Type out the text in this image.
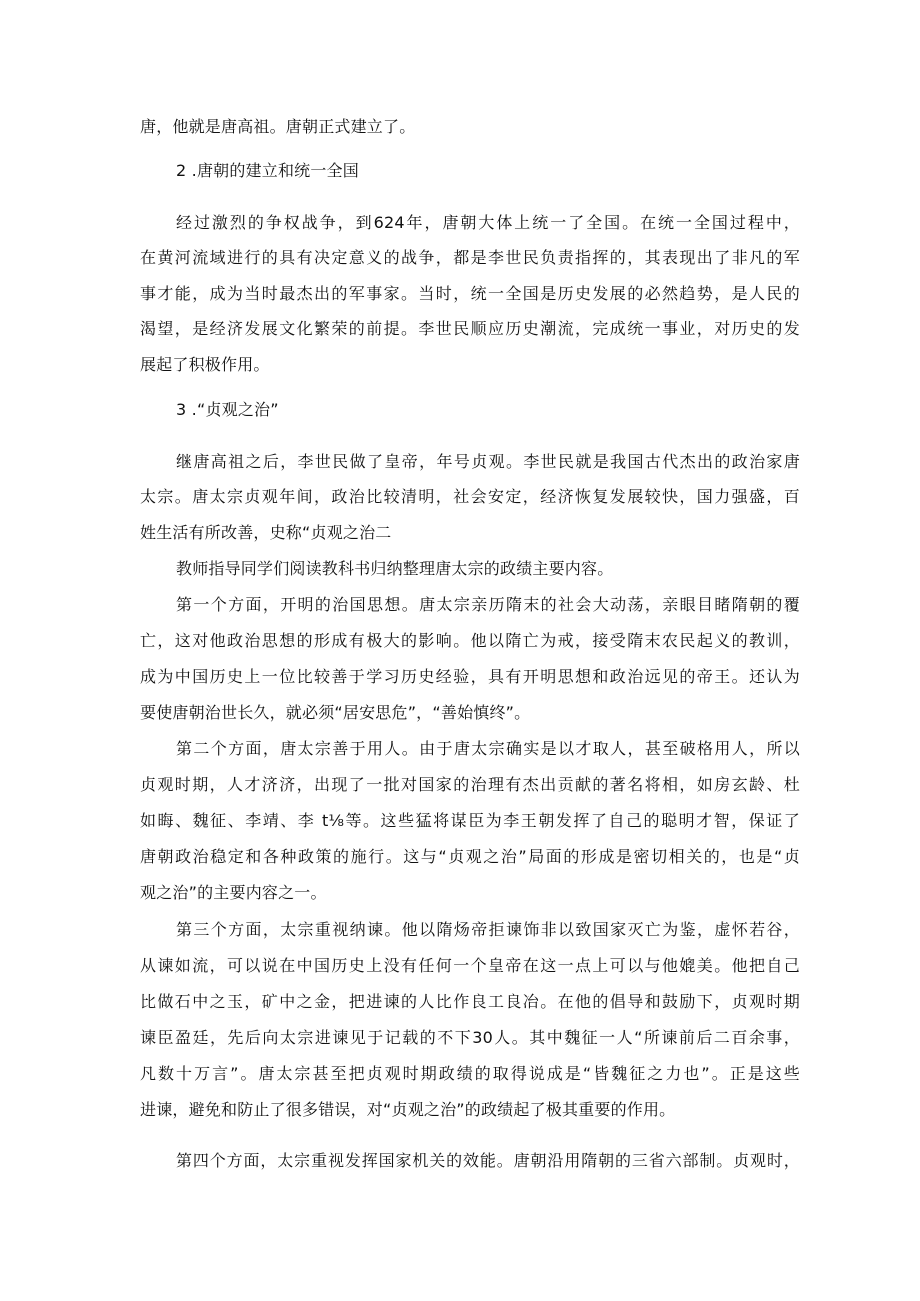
唐，他就是唐高祖。唐朝正式建立了。
2 .唐朝的建立和统一全国
经过激烈的争权战争，到624年，唐朝大体上统一了全国。在统一全国过程中，
在黄河流域进行的具有决定意义的战争，都是李世民负责指挥的，其表现出了非凡的军
事才能，成为当时最杰出的军事家。当时，统一全国是历史发展的必然趋势，是人民的
渴望，是经济发展文化繁荣的前提。李世民顺应历史潮流，完成统一事业，对历史的发
展起了积极作用。
3 .“贞观之治”
继唐高祖之后，李世民做了皇帝，年号贞观。李世民就是我国古代杰出的政治家唐
太宗。唐太宗贞观年间，政治比较清明，社会安定，经济恢复发展较快，国力强盛，百
姓生活有所改善，史称“贞观之治二
教师指导同学们阅读教科书归纳整理唐太宗的政绩主要内容。
第一个方面，开明的治国思想。唐太宗亲历隋末的社会大动荡，亲眼目睹隋朝的覆
亡，这对他政治思想的形成有极大的影响。他以隋亡为戒，接受隋末农民起义的教训，
成为中国历史上一位比较善于学习历史经验，具有开明思想和政治远见的帝王。还认为
要使唐朝治世长久，就必须“居安思危”，“善始慎终”。
第二个方面，唐太宗善于用人。由于唐太宗确实是以才取人，甚至破格用人，所以
贞观时期，人才济济，出现了一批对国家的治理有杰出贡献的著名将相，如房玄龄、杜
如晦、魏征、李靖、李 t⅛等。这些猛将谋臣为李王朝发挥了自己的聪明才智，保证了
唐朝政治稳定和各种政策的施行。这与“贞观之治”局面的形成是密切相关的，也是“贞
观之治”的主要内容之一。
第三个方面，太宗重视纳谏。他以隋炀帝拒谏饰非以致国家灭亡为鉴，虚怀若谷，
从谏如流，可以说在中国历史上没有任何一个皇帝在这一点上可以与他媲美。他把自己
比做石中之玉，矿中之金，把进谏的人比作良工良冶。在他的倡导和鼓励下，贞观时期
谏臣盈廷，先后向太宗进谏见于记载的不下30人。其中魏征一人“所谏前后二百余事，
凡数十万言”。唐太宗甚至把贞观时期政绩的取得说成是“皆魏征之力也”。正是这些
进谏，避免和防止了很多错误，对“贞观之治”的政绩起了极其重要的作用。
第四个方面，太宗重视发挥国家机关的效能。唐朝沿用隋朝的三省六部制。贞观时，
